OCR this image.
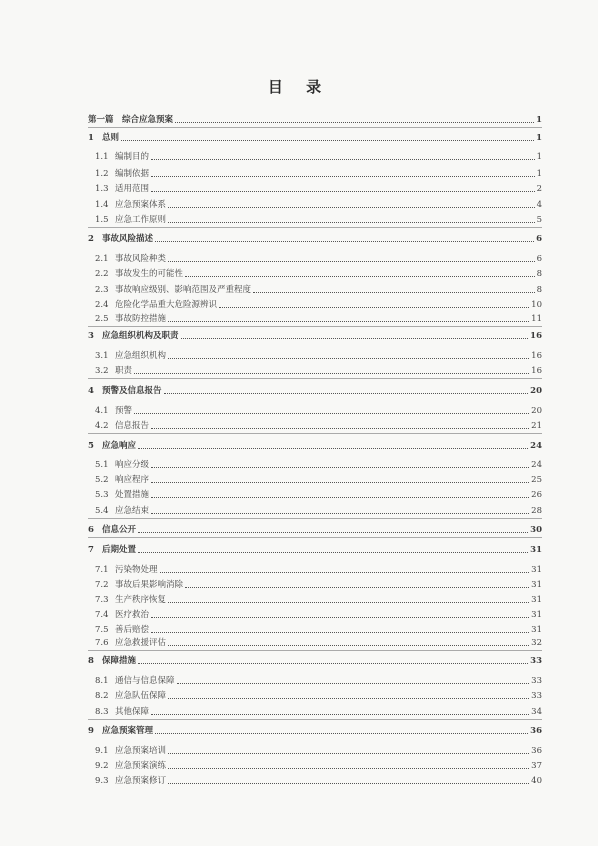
目 录
第一篇　综合应急预案	1
1 总则	1
1.1 编制目的	1
1.2 编制依据	1
1.3 适用范围	2
1.4 应急预案体系	4
1.5 应急工作原则	5
2 事故风险描述	6
2.1 事故风险种类	6
2.2 事故发生的可能性	8
2.3 事故响应级别、影响范围及严重程度	8
2.4 危险化学品重大危险源辨识	10
2.5 事故防控措施	11
3 应急组织机构及职责	16
3.1 应急组织机构	16
3.2 职责	16
4 预警及信息报告	20
4.1 预警	20
4.2 信息报告	21
5 应急响应	24
5.1 响应分级	24
5.2 响应程序	25
5.3 处置措施	26
5.4 应急结束	28
6 信息公开	30
7 后期处置	31
7.1 污染物处理	31
7.2 事故后果影响消除	31
7.3 生产秩序恢复	31
7.4 医疗救治	31
7.5 善后赔偿	31
7.6 应急救援评估	32
8 保障措施	33
8.1 通信与信息保障	33
8.2 应急队伍保障	33
8.3 其他保障	34
9 应急预案管理	36
9.1 应急预案培训	36
9.2 应急预案演练	37
9.3 应急预案修订	40
